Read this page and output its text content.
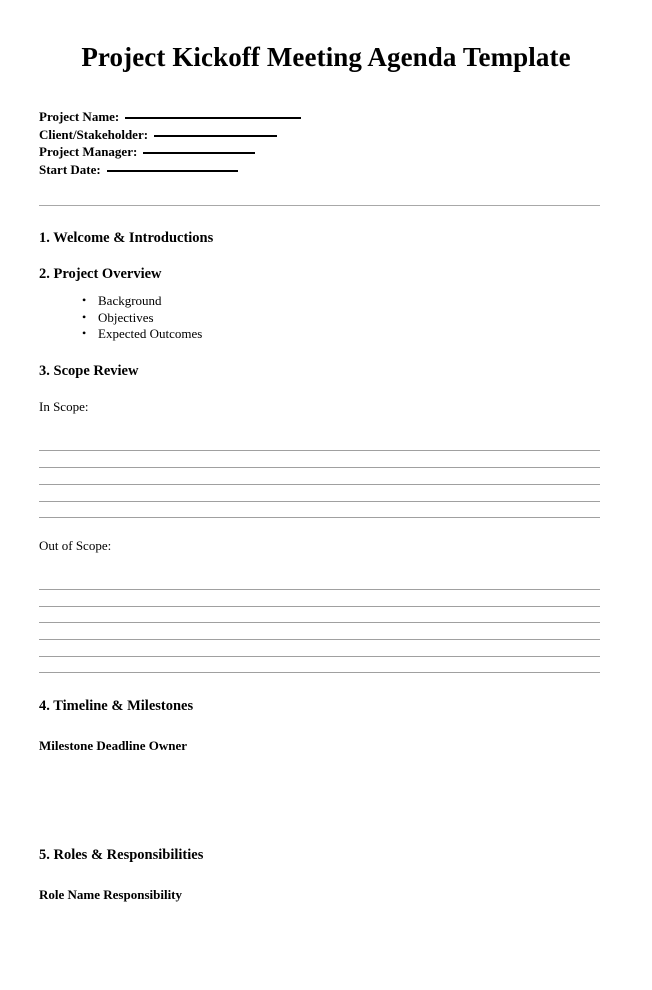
Project Kickoff Meeting Agenda Template
Project Name:
Client/Stakeholder:
Project Manager:
Start Date:
1. Welcome & Introductions
2. Project Overview
• Background
• Objectives
• Expected Outcomes
3. Scope Review

In Scope:

Out of Scope:

4. Timeline & Milestones
Milestone Deadline Owner
5. Roles & Responsibilities
Role Name Responsibility
